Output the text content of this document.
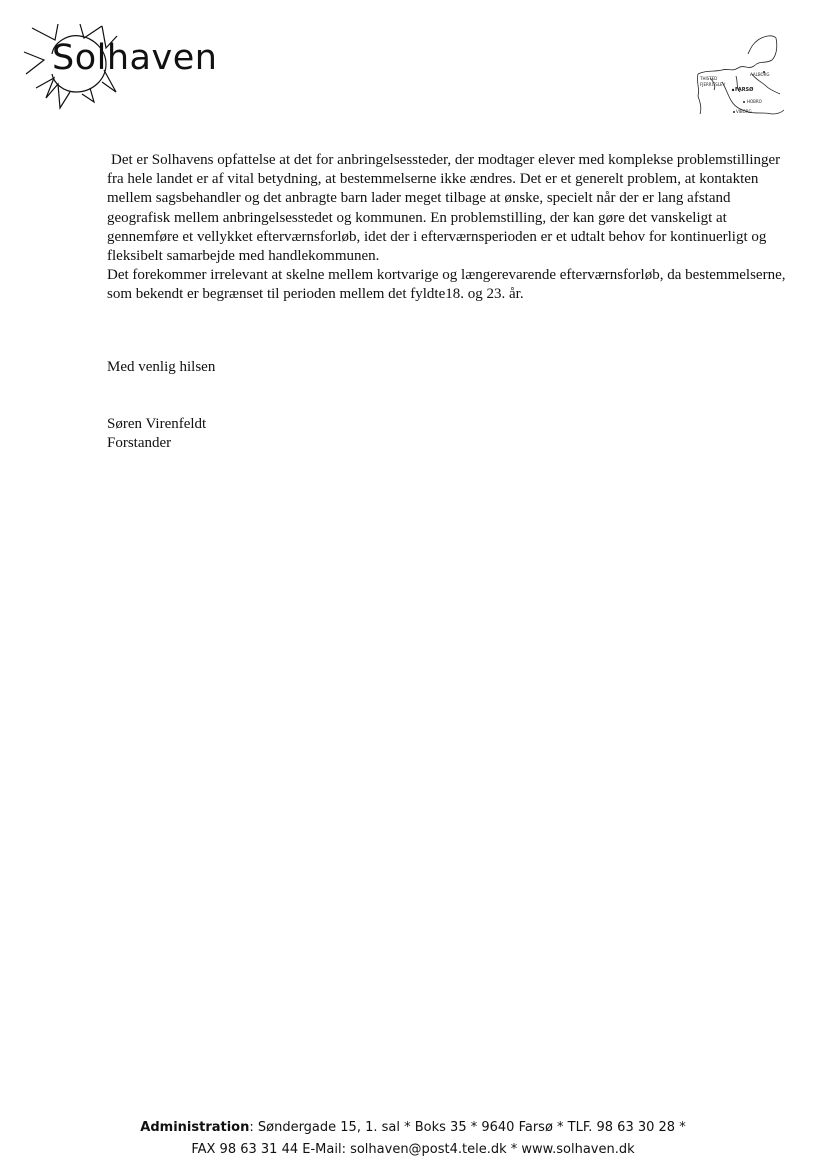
Solhaven	AALBORG
FARSØ
HOBRO
VIBORG
THISTED
FJERRITSLEV

Det er Solhavens opfattelse at det for anbringelsessteder, der modtager elever med komplekse problemstillinger fra hele landet er af vital betydning, at bestemmelserne ikke ændres. Det er et generelt problem, at kontakten mellem sagsbehandler og det anbragte barn lader meget tilbage at ønske, specielt når der er lang afstand geografisk mellem anbringelsesstedet og kommunen. En problemstilling, der kan gøre det vanskeligt at gennemføre et vellykket efterværnsforløb, idet der i efterværnsperioden er et udtalt behov for kontinuerligt og fleksibelt samarbejde med handlekommunen.

Det forekommer irrelevant at skelne mellem kortvarige og længerevarende efterværnsforløb, da bestemmelserne, som bekendt er begrænset til perioden mellem det fyldte18. og 23. år.

Med venlig hilsen
Søren Virenfeldt
Forstander
Administration: Søndergade 15, 1. sal * Boks 35 * 9640 Farsø * TLF. 98 63 30 28 *
FAX 98 63 31 44 E-Mail: solhaven@post4.tele.dk * www.solhaven.dk
